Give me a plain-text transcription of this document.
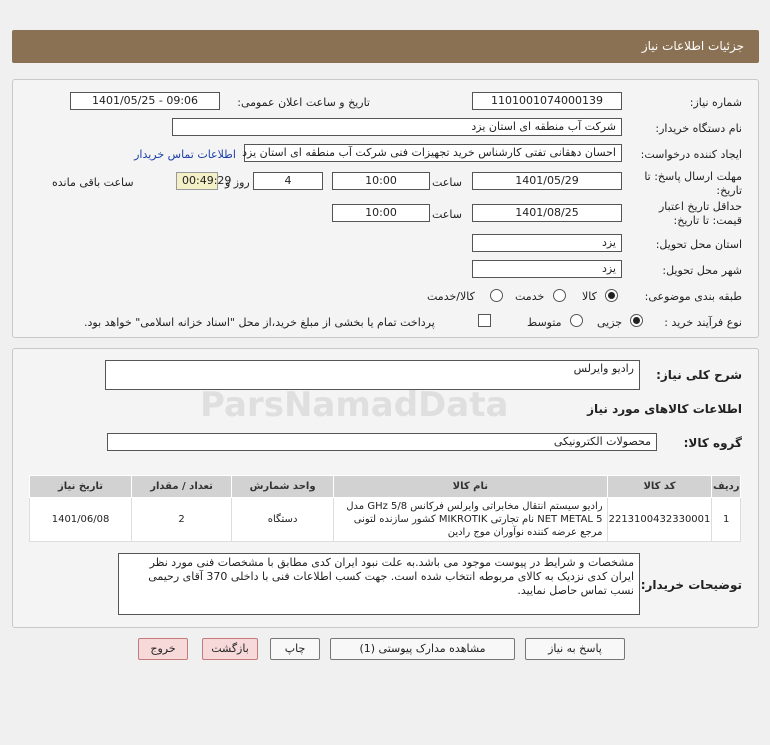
جزئیات اطلاعات نیاز
شماره نیاز:
1101001074000139
تاریخ و ساعت اعلان عمومی:
1401/05/25 - 09:06
نام دستگاه خریدار:
شرکت آب منطقه ای استان یزد
ایجاد کننده درخواست:
احسان دهقانی تفتی کارشناس خرید تجهیزات فنی شرکت آب منطقه ای استان یزد
اطلاعات تماس خریدار
مهلت ارسال پاسخ: تا تاریخ:
1401/05/29
ساعت
10:00
4
روز و
00:49:29
ساعت باقی مانده
حداقل تاریخ اعتبار قیمت: تا تاریخ:
1401/08/25
ساعت
10:00
استان محل تحویل:
یزد
شهر محل تحویل:
یزد
طبقه بندی موضوعی:
کالا
خدمت
کالا/خدمت
نوع فرآیند خرید :
جزیی
متوسط
پرداخت تمام یا بخشی از مبلغ خرید،از محل "اسناد خزانه اسلامی" خواهد بود.
شرح کلی نیاز:
رادیو وایرلس
اطلاعات کالاهای مورد نیاز
گروه کالا:
محصولات الکترونیکی
ردیف	کد کالا	نام کالا	واحد شمارش	تعداد / مقدار	تاریخ نیاز
1	2213100432330001	رادیو سیستم انتقال مخابراتی وایرلس فرکانس GHz 5/8 مدل NET METAL 5 نام تجارتی MIKROTIK کشور سازنده لتونی مرجع عرضه کننده نوآوران موج رادین	دستگاه	2	1401/06/08
توضیحات خریدار:
مشخصات و شرایط در پیوست موجود می باشد.به علت نبود ایران کدی مطابق با مشخصات فنی مورد نظر ایران کدی نزدیک به کالای مربوطه انتخاب شده است. جهت کسب اطلاعات فنی با داخلی 370 آقای رحیمی نسب تماس حاصل نمایید.
پاسخ به نیاز
مشاهده مدارک پیوستی (1)
چاپ
بازگشت
خروج
